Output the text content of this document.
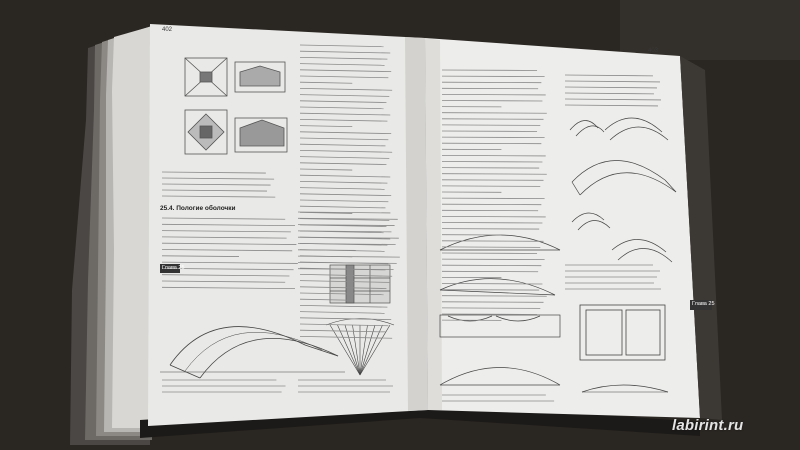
402
403
25.4. Пологие оболочки
Глава 25
Глава 25
labirint.ru
